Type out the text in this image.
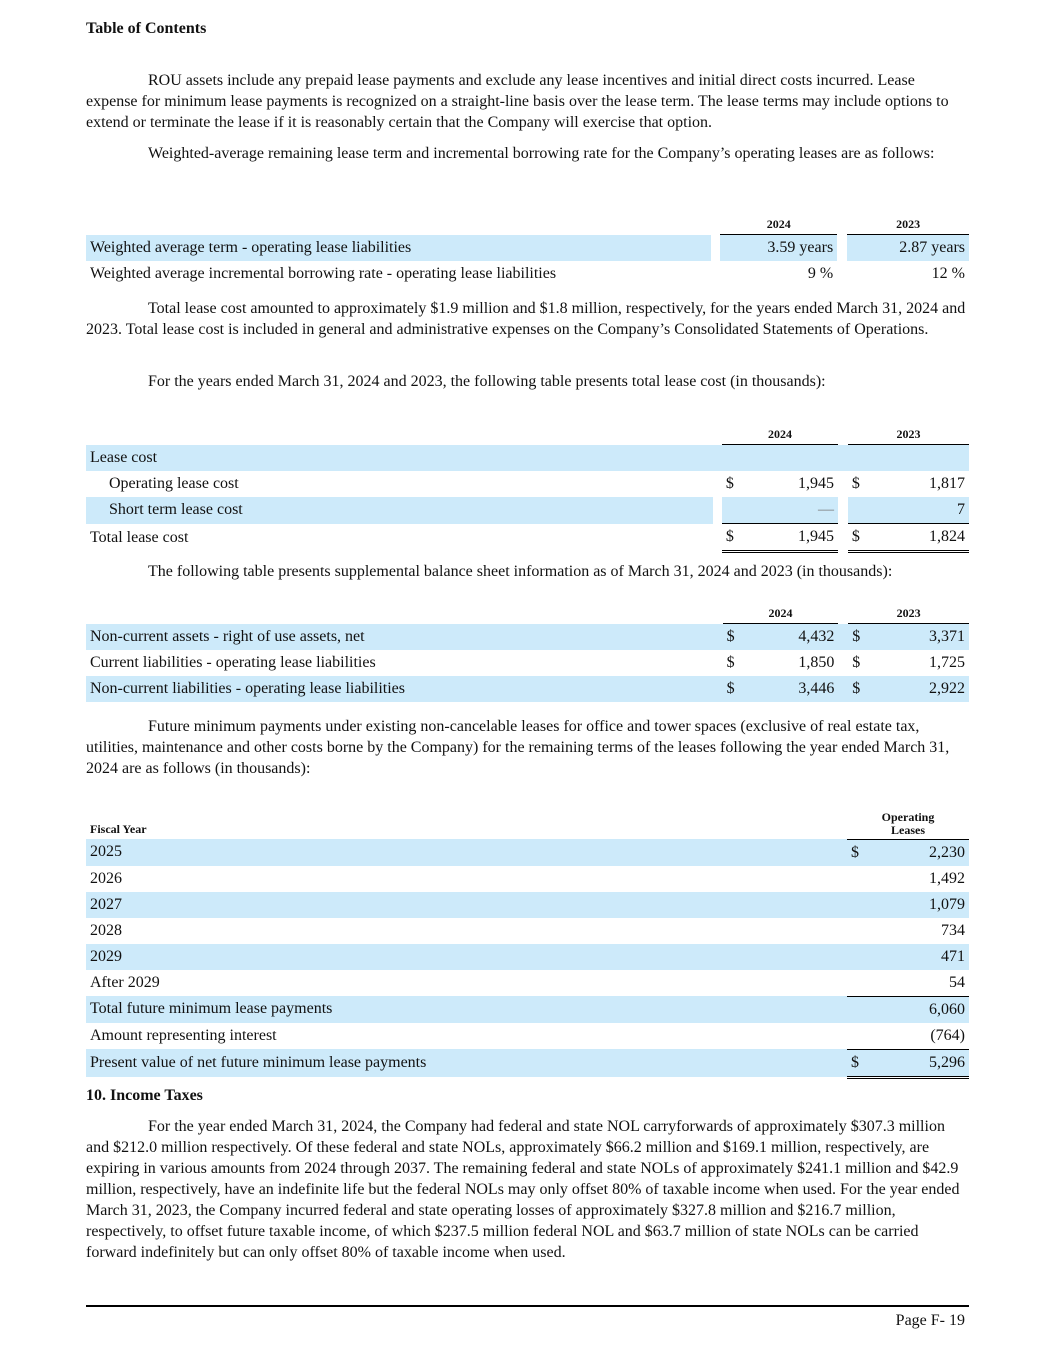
Table of Contents

ROU assets include any prepaid lease payments and exclude any lease incentives and initial direct costs incurred. Lease expense for minimum lease payments is recognized on a straight-line basis over the lease term. The lease terms may include options to extend or terminate the lease if it is reasonably certain that the Company will exercise that option.

Weighted-average remaining lease term and incremental borrowing rate for the Company’s operating leases are as follows:

		2024		2023
Weighted average term - operating lease liabilities		3.59 years		2.87 years
Weighted average incremental borrowing rate - operating lease liabilities		9 %		12 %

Total lease cost amounted to approximately $1.9 million and $1.8 million, respectively, for the years ended March 31, 2024 and 2023. Total lease cost is included in general and administrative expenses on the Company’s Consolidated Statements of Operations.

For the years ended March 31, 2024 and 2023, the following table presents total lease cost (in thousands):

		2024			2023	
Lease cost						
Operating lease cost		$	1,945		$	1,817
Short term lease cost			—			7
Total lease cost		$	1,945		$	1,824

The following table presents supplemental balance sheet information as of March 31, 2024 and 2023 (in thousands):

		2024			2023	
Non-current assets - right of use assets, net		$	4,432		$	3,371
Current liabilities - operating lease liabilities		$	1,850		$	1,725
Non-current liabilities - operating lease liabilities		$	3,446		$	2,922

Future minimum payments under existing non-cancelable leases for office and tower spaces (exclusive of real estate tax, utilities, maintenance and other costs borne by the Company) for the remaining terms of the leases following the year ended March 31, 2024 are as follows (in thousands):

Fiscal Year		Operating Leases	
2025		$	2,230
2026			1,492
2027			1,079
2028			734
2029			471
After 2029			54
Total future minimum lease payments			6,060
Amount representing interest			(764)
Present value of net future minimum lease payments		$	5,296
10. Income Taxes

For the year ended March 31, 2024, the Company had federal and state NOL carryforwards of approximately $307.3 million and $212.0 million respectively. Of these federal and state NOLs, approximately $66.2 million and $169.1 million, respectively, are expiring in various amounts from 2024 through 2037. The remaining federal and state NOLs of approximately $241.1 million and $42.9 million, respectively, have an indefinite life but the federal NOLs may only offset 80% of taxable income when used. For the year ended March 31, 2023, the Company incurred federal and state operating losses of approximately $327.8 million and $216.7 million, respectively, to offset future taxable income, of which $237.5 million federal NOL and $63.7 million of state NOLs can be carried forward indefinitely but can only offset 80% of taxable income when used.

Page F- 19
